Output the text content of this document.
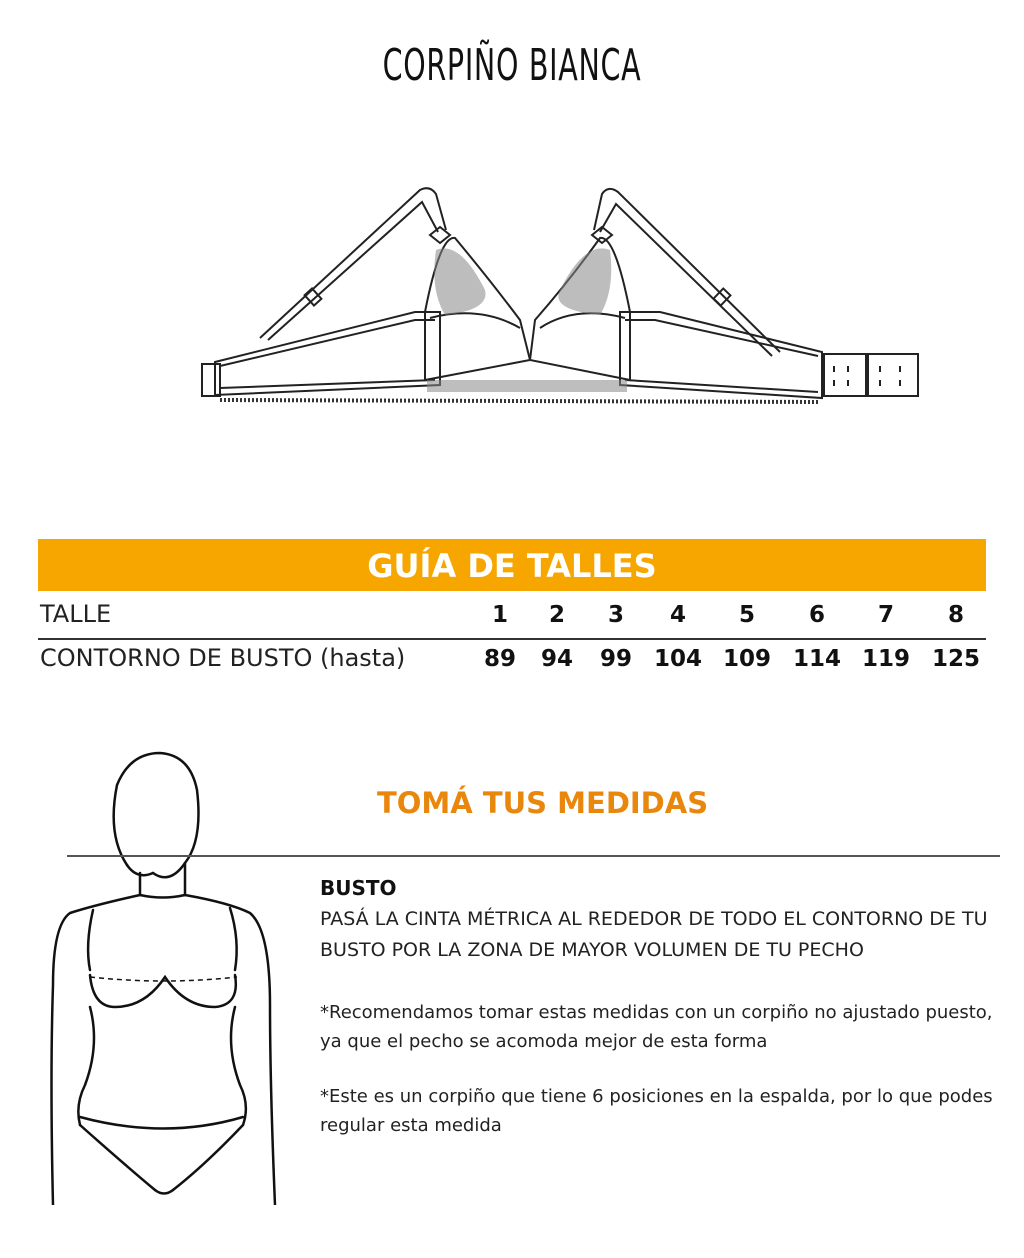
CORPIÑO BIANCA
GUÍA DE TALLES
TALLE	1	2	3	4	5	6	7	8
CONTORNO DE BUSTO (hasta)	89	94	99 104 109 114 119 125
TOMÁ TUS MEDIDAS

BUSTO

PASÁ LA CINTA MÉTRICA AL REDEDOR DE TODO EL CONTORNO DE TU BUSTO POR LA ZONA DE MAYOR VOLUMEN DE TU PECHO

*Recomendamos tomar estas medidas con un corpiño no ajustado puesto, ya que el pecho se acomoda mejor de esta forma

*Este es un corpiño que tiene 6 posiciones en la espalda, por lo que podes regular esta medida
